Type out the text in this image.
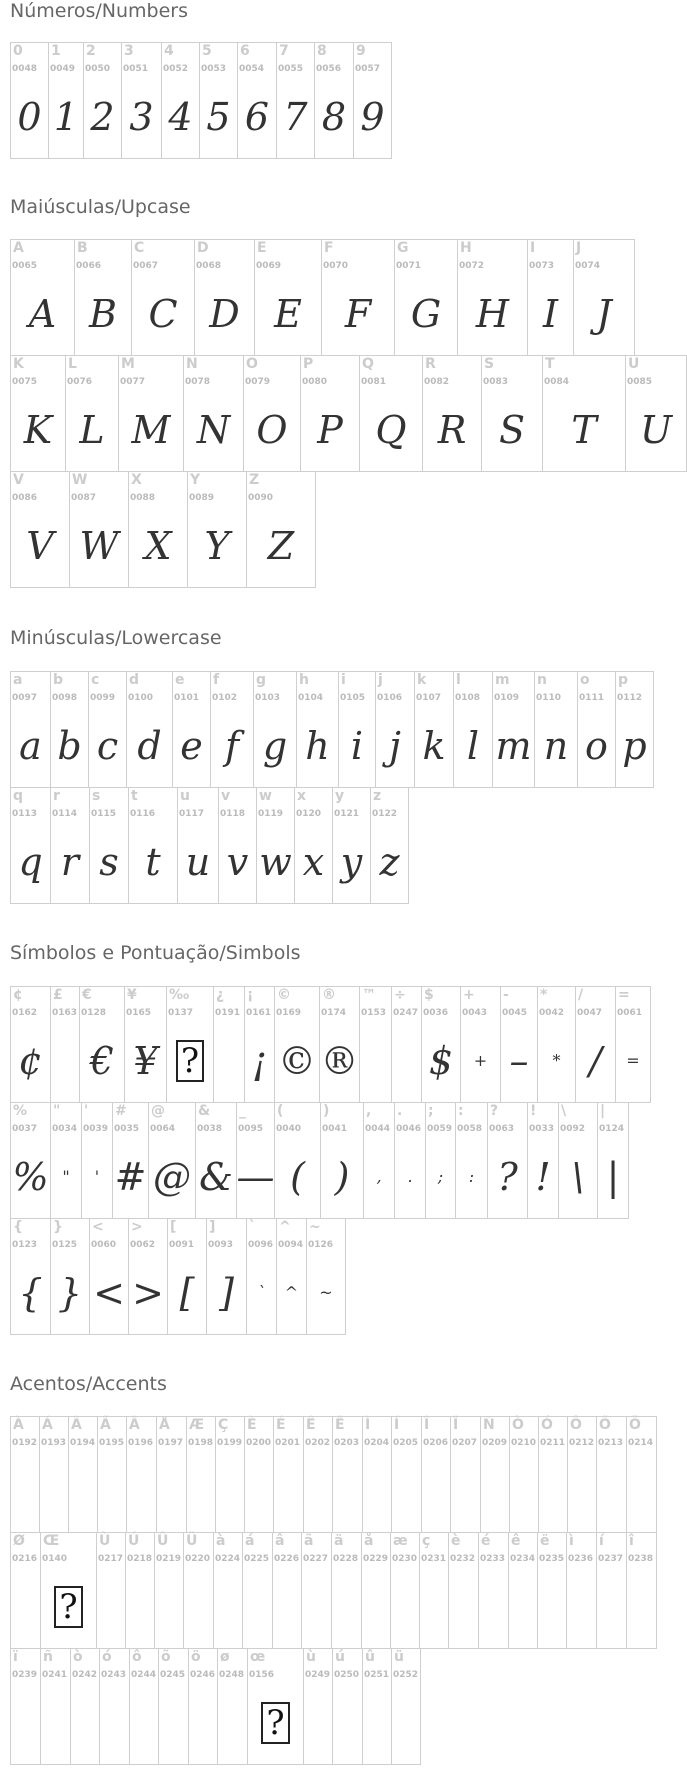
Números/Numbers
0
0048
0
1
0049
1
2
0050
2
3
0051
3
4
0052
4
5
0053
5
6
0054
6
7
0055
7
8
0056
8
9
0057
9
Maiúsculas/Upcase
A
0065
A
B
0066
B
C
0067
C
D
0068
D
E
0069
E
F
0070
F
G
0071
G
H
0072
H
I
0073
I
J
0074
J
K
0075
K
L
0076
L
M
0077
M
N
0078
N
O
0079
O
P
0080
P
Q
0081
Q
R
0082
R
S
0083
S
T
0084
T
U
0085
U
V
0086
V
W
0087
W
X
0088
X
Y
0089
Y
Z
0090
Z
Minúsculas/Lowercase
a
0097
a
b
0098
b
c
0099
c
d
0100
d
e
0101
e
f
0102
f
g
0103
g
h
0104
h
i
0105
i
j
0106
j
k
0107
k
l
0108
l
m
0109
m
n
0110
n
o
0111
o
p
0112
p
q
0113
q
r
0114
r
s
0115
s
t
0116
t
u
0117
u
v
0118
v
w
0119
w
x
0120
x
y
0121
y
z
0122
z
Símbolos e Pontuação/Simbols
¢
0162
¢
£
0163
€
0128
€
¥
0165
¥
‰
0137
?
¿
0191
¡
0161
¡
©
0169
©
®
0174
®
™
0153
÷
0247
$
0036
$
+
0043
+
-
0045
–
*
0042
*
/
0047
/
=
0061
=
%
0037
%
"
0034
"
'
0039
'
#
0035
#
@
0064
@
&
0038
&
_
0095
—
(
0040
(
)
0041
)
,
0044
,
.
0046
.
;
0059
;
:
0058
:
?
0063
?
!
0033
!
\
0092
\
|
0124
|
{
0123
{
}
0125
}
<
0060
<
>
0062
>
[
0091
[
]
0093
]
`
0096
`
^
0094
^
~
0126
~
Acentos/Accents
À
0192
Á
0193
Â
0194
Ã
0195
Ä
0196
Å
0197
Æ
0198
Ç
0199
È
0200
É
0201
Ê
0202
Ë
0203
Ì
0204
Í
0205
Î
0206
Ï
0207
Ñ
0209
Ò
0210
Ó
0211
Ô
0212
Õ
0213
Ö
0214
Ø
0216
Œ
0140
?
Ù
0217
Ú
0218
Û
0219
Ü
0220
à
0224
á
0225
â
0226
ã
0227
ä
0228
å
0229
æ
0230
ç
0231
è
0232
é
0233
ê
0234
ë
0235
ì
0236
í
0237
î
0238
ï
0239
ñ
0241
ò
0242
ó
0243
ô
0244
õ
0245
ö
0246
ø
0248
œ
0156
?
ù
0249
ú
0250
û
0251
ü
0252
